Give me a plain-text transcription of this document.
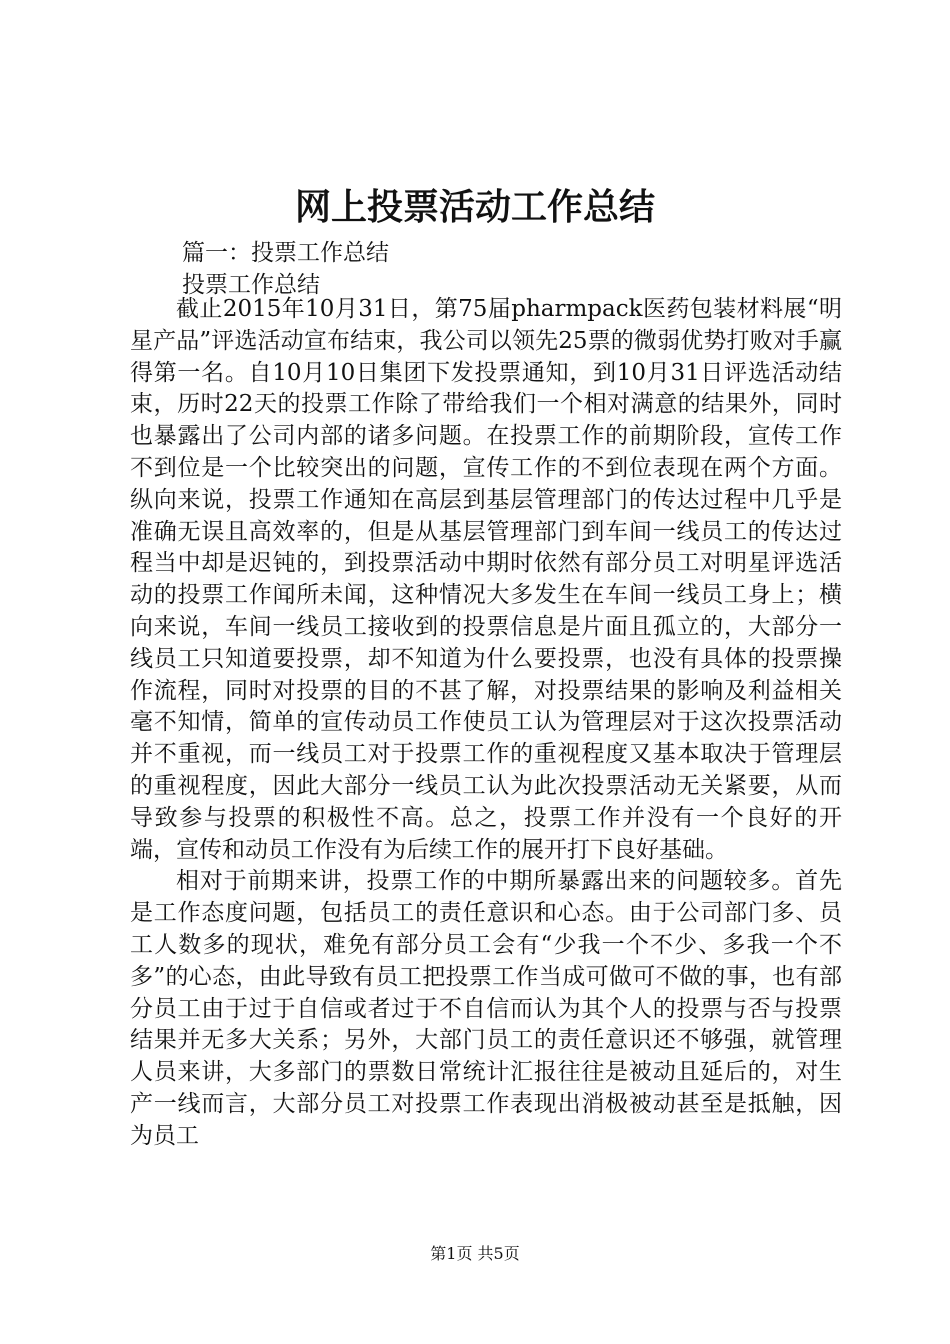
网上投票活动工作总结
篇一：投票工作总结
投票工作总结

截止2015年10月31日，第75届pharmpack医药包装材料展“明星产品”评选活动宣布结束，我公司以领先25票的微弱优势打败对手赢得第一名。自10月10日集团下发投票通知，到10月31日评选活动结束，历时22天的投票工作除了带给我们一个相对满意的结果外，同时也暴露出了公司内部的诸多问题。在投票工作的前期阶段，宣传工作不到位是一个比较突出的问题，宣传工作的不到位表现在两个方面。纵向来说，投票工作通知在高层到基层管理部门的传达过程中几乎是准确无误且高效率的，但是从基层管理部门到车间一线员工的传达过程当中却是迟钝的，到投票活动中期时依然有部分员工对明星评选活动的投票工作闻所未闻，这种情况大多发生在车间一线员工身上；横向来说，车间一线员工接收到的投票信息是片面且孤立的，大部分一线员工只知道要投票，却不知道为什么要投票，也没有具体的投票操作流程，同时对投票的目的不甚了解，对投票结果的影响及利益相关毫不知情，简单的宣传动员工作使员工认为管理层对于这次投票活动并不重视，而一线员工对于投票工作的重视程度又基本取决于管理层的重视程度，因此大部分一线员工认为此次投票活动无关紧要，从而导致参与投票的积极性不高。总之，投票工作并没有一个良好的开端，宣传和动员工作没有为后续工作的展开打下良好基础。

相对于前期来讲，投票工作的中期所暴露出来的问题较多。首先是工作态度问题，包括员工的责任意识和心态。由于公司部门多、员工人数多的现状，难免有部分员工会有“少我一个不少、多我一个不多”的心态，由此导致有员工把投票工作当成可做可不做的事，也有部分员工由于过于自信或者过于不自信而认为其个人的投票与否与投票结果并无多大关系；另外，大部门员工的责任意识还不够强，就管理人员来讲，大多部门的票数日常统计汇报往往是被动且延后的，对生产一线而言，大部分员工对投票工作表现出消极被动甚至是抵触，因为员工

第1页 共5页
